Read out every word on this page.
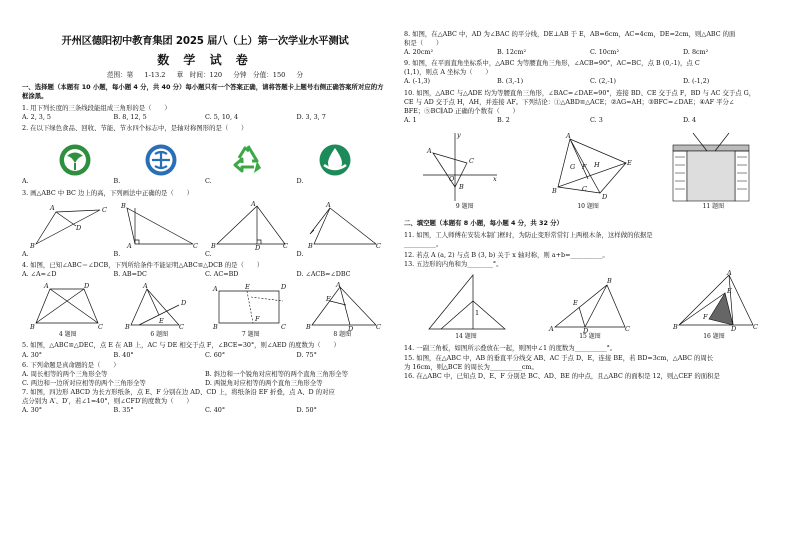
开州区德阳初中教育集团 2025 届八（上）第一次学业水平测试

数 学 试 卷

范围：第 1-13.2 章　时间：120 分钟　分值：150 分

一、选择题（本题有 10 小题，每小题 4 分，共 40 分）每小题只有一个答案正确，请将答题卡上题号右侧正确答案所对应的方框涂黑。

1. 用下列长度的三条线段能组成三角形的是（　　）

A. 2, 3, 5	B. 8, 12, 5	C. 5, 10, 4	D. 3, 3, 7

2. 在以下绿色食品、回收、节能、节水四个标志中，是轴对称图形的是（　　）

A.	B.	C.	D.

3. 画△ABC 中 BC 边上的高，下列画法中正确的是（　　）

A
B
C
D
B
A	C
A
B	C
D
A
B	C
A.	B.	C.	D.

4. 如图，已知∠ABC＝∠DCB，下列所给条件不能证明△ABC≌△DCB 的是（　　）

A. ∠A=∠D	B. AB=DC	C. AC=BD	D. ∠ACB=∠DBC
A	D
B	C
A
B	C
E
D
A	E	D
B	C
F
A
B	C
D
E
4 题图	6 题图	7 题图	8 题图

5. 如图，△ABC≌△DEC，点 E 在 AB 上，AC 与 DE 相交于点 F，∠BCE=30°，则∠AED 的度数为（　　）

A. 30°	B. 40°	C. 60°	D. 75°

6. 下列命题是真命题的是（　　）

A. 周长相等的两个三角形全等	B. 斜边和一个锐角对应相等的两个直角三角形全等
C. 两边和一边所对应相等的两个三角形全等	D. 两锐角对应相等的两个直角三角形全等

7. 如图，四边形 ABCD 为长方形纸条，点 E、F 分别在边 AD、CD 上，将纸条沿 EF 折叠，点 A、D 的对应

点分别为 A′、D′，若∠1=40°，则∠CFD′的度数为（　　）

A. 30°	B. 35°	C. 40°	D. 50°

8. 如图，在△ABC 中，AD 为∠BAC 的平分线，DE⊥AB 于 E，AB=6cm，AC=4cm，DE=2cm，则△ABC 的面

积是（　　）

A. 20cm²	B. 12cm²	C. 10cm²	D. 8cm²

9. 如图，在平面直角坐标系中，△ABC 为等腰直角三角形，∠ACB=90°，AC=BC，点 B (0,-1)，点 C

(1,1)，则点 A 坐标为（　　）

A. (-1,3)	B. (3,-1)	C. (2,-1)	D. (-1,2)

10. 如图，△ABC 与△ADE 均为等腰直角三角形，∠BAC=∠DAE=90°，连接 BD、CE 交于点 F，BD 与 AC 交于点 G，

CE 与 AD 交于点 H，AH，并连接 AF。下列结论：①△ABD≌△ACE；②AG=AH；③BFC=∠DAE；④AF 平分∠

BFE；⑤BC∥AD 正确的个数有（　　）

A. 1	B. 2	C. 3	D. 4
y
x
A
B
C
O
A
B	C
D
E
F
G	H
9 题图	10 题图	11 题图

二、填空题（本题有 8 小题，每小题 4 分，共 32 分）

11. 如图，工人师傅在安装木制门框时，为防止变形常常钉上两根木条，这样做的依据是

__________。

12. 若点 A (a, 2) 与点 B (3, b) 关于 x 轴对称，则 a+b=__________。

13. 五边形的内角和为________°。

1
B
A	C
E
D
A
B	C
D
E
F
14 题图	15 题图	16 题图

14. 一副三角板，如图所示叠放在一起，则图中∠1 的度数为__________°。

15. 如图，在△ABC 中，AB 的垂直平分线交 AB、AC 于点 D、E，连接 BE，若 BD=3cm，△ABC 的周长

为 16cm，则△BCE 的周长为__________cm。

16. 在△ABC 中，已知点 D、E、F 分别是 BC、AD、BE 的中点，且△ABC 的面积是 12，则△CEF 的面积是
